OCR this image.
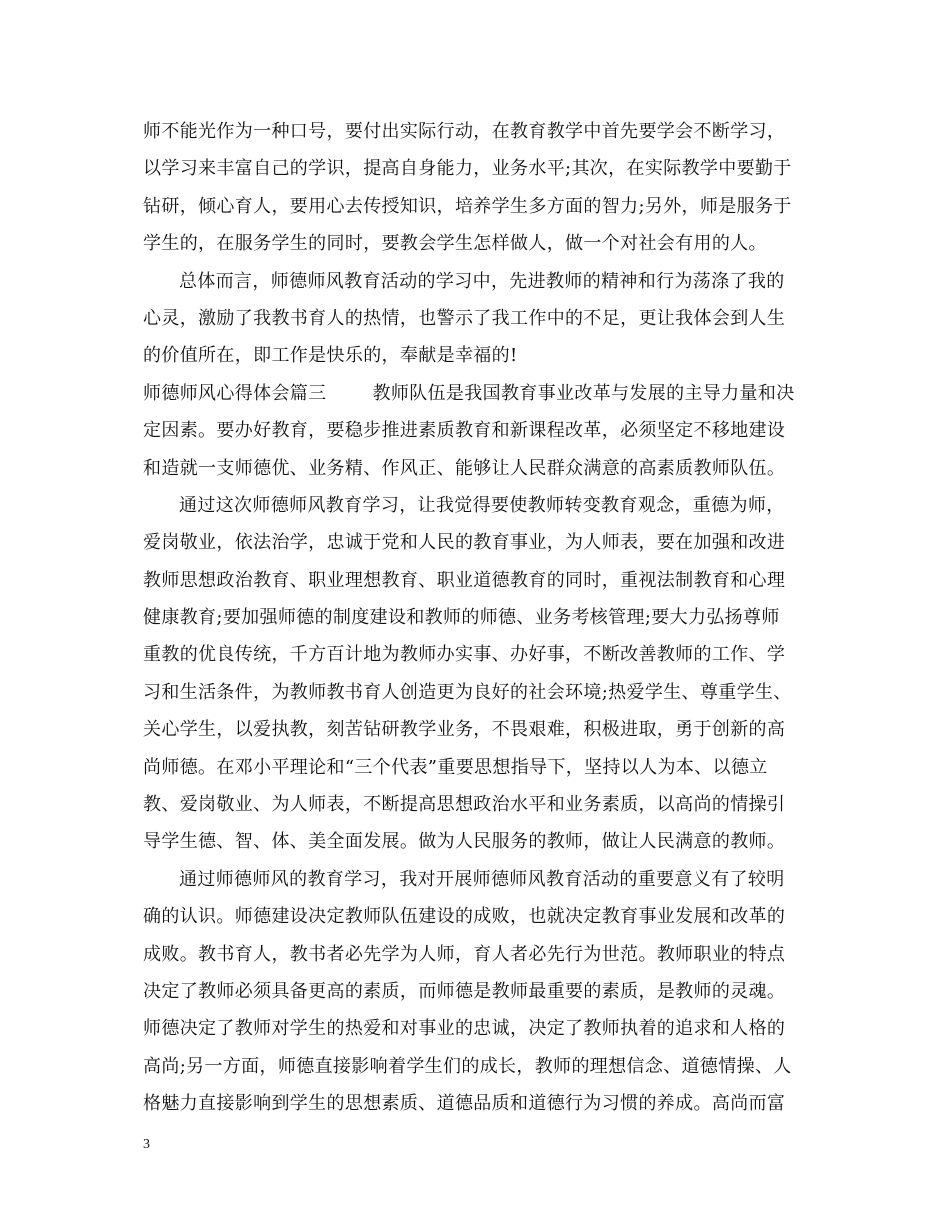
师不能光作为一种口号，要付出实际行动，在教育教学中首先要学会不断学习，
以学习来丰富自己的学识，提高自身能力，业务水平;其次，在实际教学中要勤于
钻研，倾心育人，要用心去传授知识，培养学生多方面的智力;另外，师是服务于
学生的，在服务学生的同时，要教会学生怎样做人，做一个对社会有用的人。
总体而言，师德师风教育活动的学习中，先进教师的精神和行为荡涤了我的
心灵，激励了我教书育人的热情，也警示了我工作中的不足，更让我体会到人生
的价值所在，即工作是快乐的，奉献是幸福的!
师德师风心得体会篇三	教师队伍是我国教育事业改革与发展的主导力量和决
定因素。要办好教育，要稳步推进素质教育和新课程改革，必须坚定不移地建设
和造就一支师德优、业务精、作风正、能够让人民群众满意的高素质教师队伍。
通过这次师德师风教育学习，让我觉得要使教师转变教育观念，重德为师，
爱岗敬业，依法治学，忠诚于党和人民的教育事业，为人师表，要在加强和改进
教师思想政治教育、职业理想教育、职业道德教育的同时，重视法制教育和心理
健康教育;要加强师德的制度建设和教师的师德、业务考核管理;要大力弘扬尊师
重教的优良传统，千方百计地为教师办实事、办好事，不断改善教师的工作、学
习和生活条件，为教师教书育人创造更为良好的社会环境;热爱学生、尊重学生、
关心学生，以爱执教，刻苦钻研教学业务，不畏艰难，积极进取，勇于创新的高
尚师德。在邓小平理论和“三个代表”重要思想指导下，坚持以人为本、以德立
教、爱岗敬业、为人师表，不断提高思想政治水平和业务素质，以高尚的情操引
导学生德、智、体、美全面发展。做为人民服务的教师，做让人民满意的教师。
通过师德师风的教育学习，我对开展师德师风教育活动的重要意义有了较明
确的认识。师德建设决定教师队伍建设的成败，也就决定教育事业发展和改革的
成败。教书育人，教书者必先学为人师，育人者必先行为世范。教师职业的特点
决定了教师必须具备更高的素质，而师德是教师最重要的素质，是教师的灵魂。
师德决定了教师对学生的热爱和对事业的忠诚，决定了教师执着的追求和人格的
高尚;另一方面，师德直接影响着学生们的成长，教师的理想信念、道德情操、人
格魅力直接影响到学生的思想素质、道德品质和道德行为习惯的养成。高尚而富
3
